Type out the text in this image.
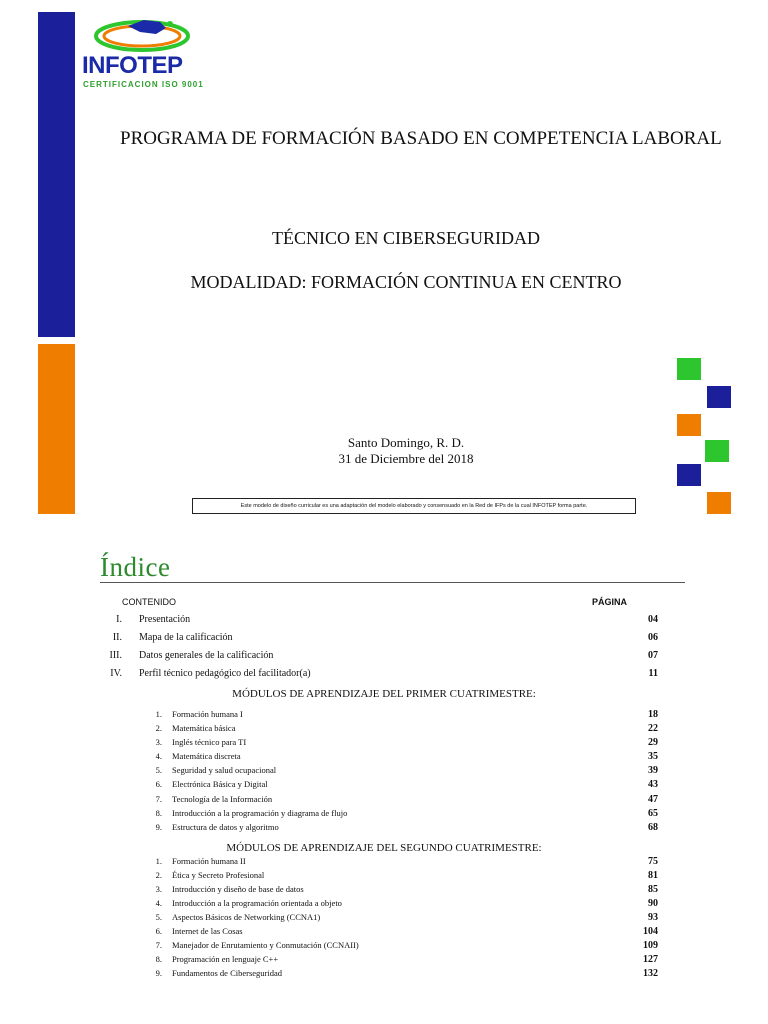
INFOTEP
CERTIFICACION ISO 9001
PROGRAMA DE FORMACIÓN BASADO EN COMPETENCIA LABORAL
TÉCNICO EN CIBERSEGURIDAD
MODALIDAD: FORMACIÓN CONTINUA EN CENTRO
Santo Domingo, R. D.
31 de Diciembre del 2018
Este modelo de diseño curricular es una adaptación del modelo elaborado y consensuado en la Red de IFPs de la cual INFOTEP forma parte.
Índice
CONTENIDO	PÁGINA
I. Presentación	04
II. Mapa de la calificación	06
III. Datos generales de la calificación	07
IV. Perfil técnico pedagógico del facilitador(a)	11
MÓDULOS DE APRENDIZAJE DEL PRIMER CUATRIMESTRE:
1. Formación humana I	18
2. Matemática básica	22
3. Inglés técnico para TI	29
4. Matemática discreta	35
5. Seguridad y salud ocupacional	39
6. Electrónica Básica y Digital	43
7. Tecnología de la Información	47
8. Introducción a la programación y diagrama de flujo	65
9. Estructura de datos y algoritmo	68
MÓDULOS DE APRENDIZAJE DEL SEGUNDO CUATRIMESTRE:
1. Formación humana II	75
2. Ética y Secreto Profesional	81
3. Introducción y diseño de base de datos	85
4. Introducción a la programación orientada a objeto	90
5. Aspectos Básicos de Networking (CCNA1)	93
6. Internet de las Cosas	104
7. Manejador de Enrutamiento y Conmutación (CCNAII)	109
8. Programación en lenguaje C++	127
9. Fundamentos de Ciberseguridad	132
